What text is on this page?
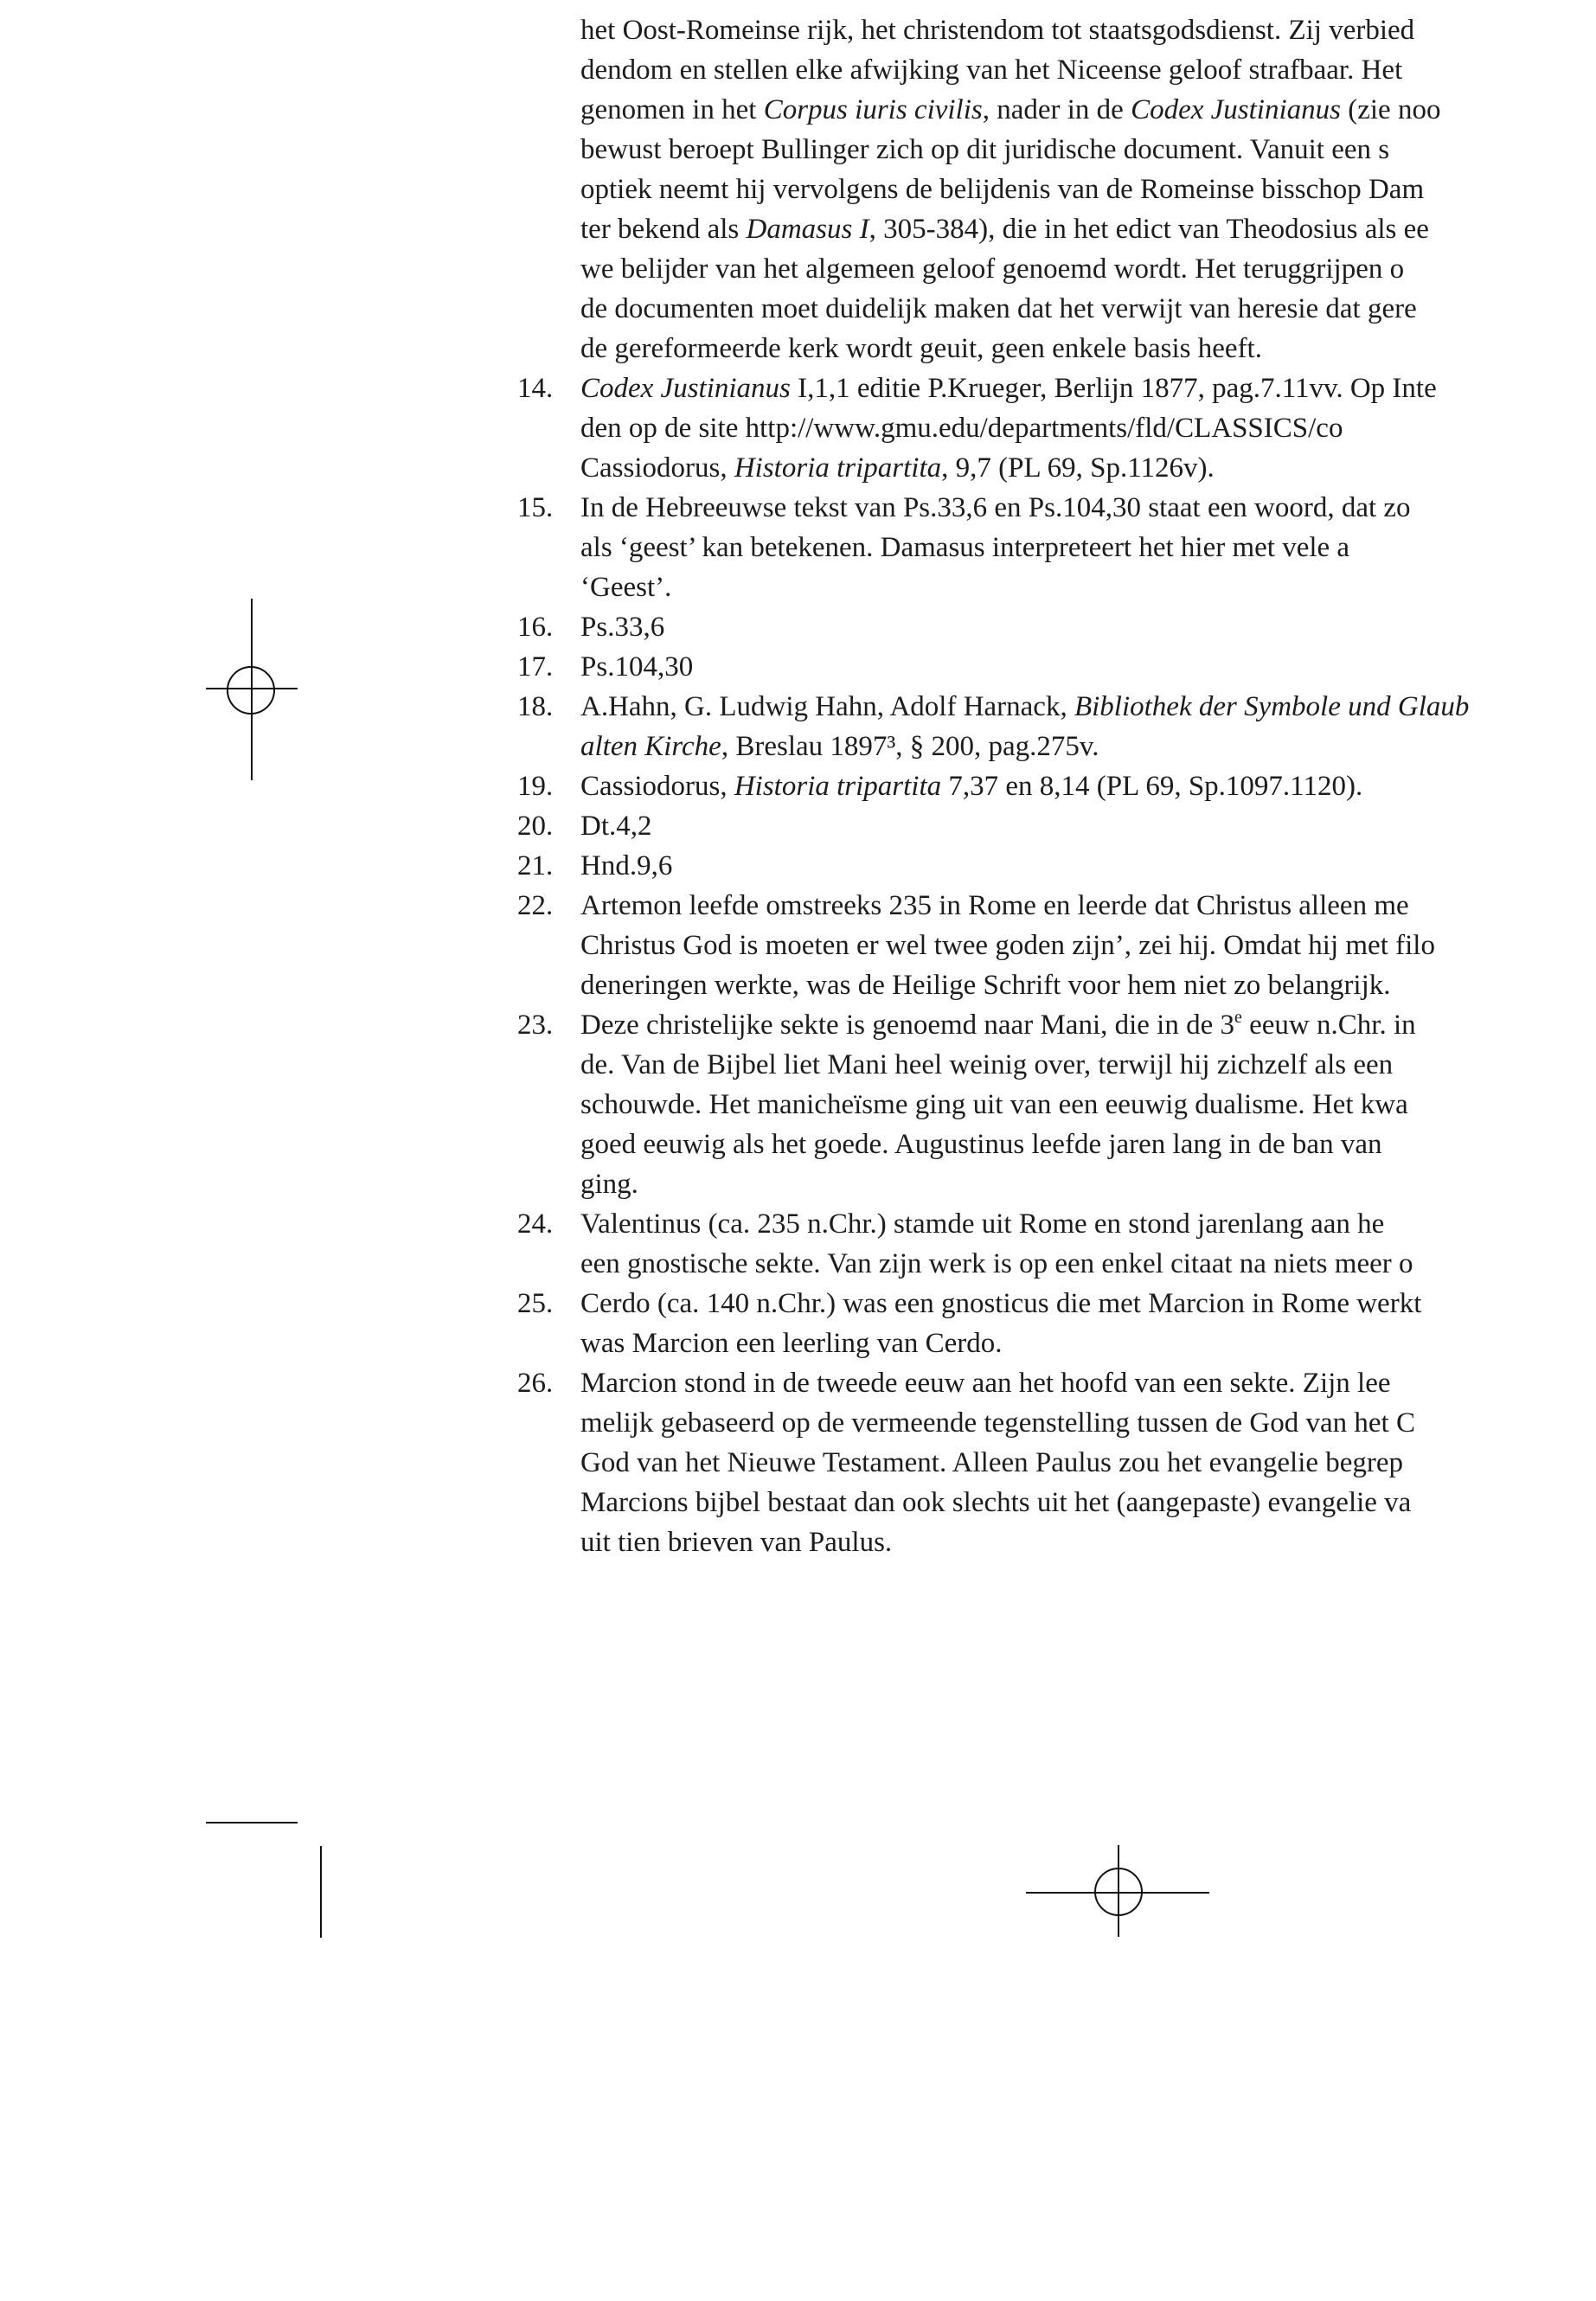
het Oost-Romeinse rijk, het christendom tot staatsgodsdienst. Zij verbied
dendom en stellen elke afwijking van het Niceense geloof strafbaar. Het
genomen in het Corpus iuris civilis, nader in de Codex Justinianus (zie noo
bewust beroept Bullinger zich op dit juridische document. Vanuit een s
optiek neemt hij vervolgens de belijdenis van de Romeinse bisschop Dam
ter bekend als Damasus I, 305-384), die in het edict van Theodosius als ee
we belijder van het algemeen geloof genoemd wordt. Het teruggrijpen o
de documenten moet duidelijk maken dat het verwijt van heresie dat gere
de gereformeerde kerk wordt geuit, geen enkele basis heeft.
14. Codex Justinianus I,1,1 editie P.Krueger, Berlijn 1877, pag.7.11vv. Op Inte
den op de site http://www.gmu.edu/departments/fld/CLASSICS/co
Cassiodorus, Historia tripartita, 9,7 (PL 69, Sp.1126v).
15. In de Hebreeuwse tekst van Ps.33,6 en Ps.104,30 staat een woord, dat zo
als ‘geest’ kan betekenen. Damasus interpreteert het hier met vele a
‘Geest’.
16. Ps.33,6
17. Ps.104,30
18. A.Hahn, G. Ludwig Hahn, Adolf Harnack, Bibliothek der Symbole und Glaub
alten Kirche, Breslau 1897³, § 200, pag.275v.
19. Cassiodorus, Historia tripartita 7,37 en 8,14 (PL 69, Sp.1097.1120).
20. Dt.4,2
21. Hnd.9,6
22. Artemon leefde omstreeks 235 in Rome en leerde dat Christus alleen me
Christus God is moeten er wel twee goden zijn’, zei hij. Omdat hij met filo
deneringen werkte, was de Heilige Schrift voor hem niet zo belangrijk.
23. Deze christelijke sekte is genoemd naar Mani, die in de 3e eeuw n.Chr. in
de. Van de Bijbel liet Mani heel weinig over, terwijl hij zichzelf als een
schouwde. Het manicheïsme ging uit van een eeuwig dualisme. Het kwa
goed eeuwig als het goede. Augustinus leefde jaren lang in de ban van
ging.
24. Valentinus (ca. 235 n.Chr.) stamde uit Rome en stond jarenlang aan he
een gnostische sekte. Van zijn werk is op een enkel citaat na niets meer o
25. Cerdo (ca. 140 n.Chr.) was een gnosticus die met Marcion in Rome werkt
was Marcion een leerling van Cerdo.
26. Marcion stond in de tweede eeuw aan het hoofd van een sekte. Zijn lee
melijk gebaseerd op de vermeende tegenstelling tussen de God van het C
God van het Nieuwe Testament. Alleen Paulus zou het evangelie begrep
Marcions bijbel bestaat dan ook slechts uit het (aangepaste) evangelie va
uit tien brieven van Paulus.
